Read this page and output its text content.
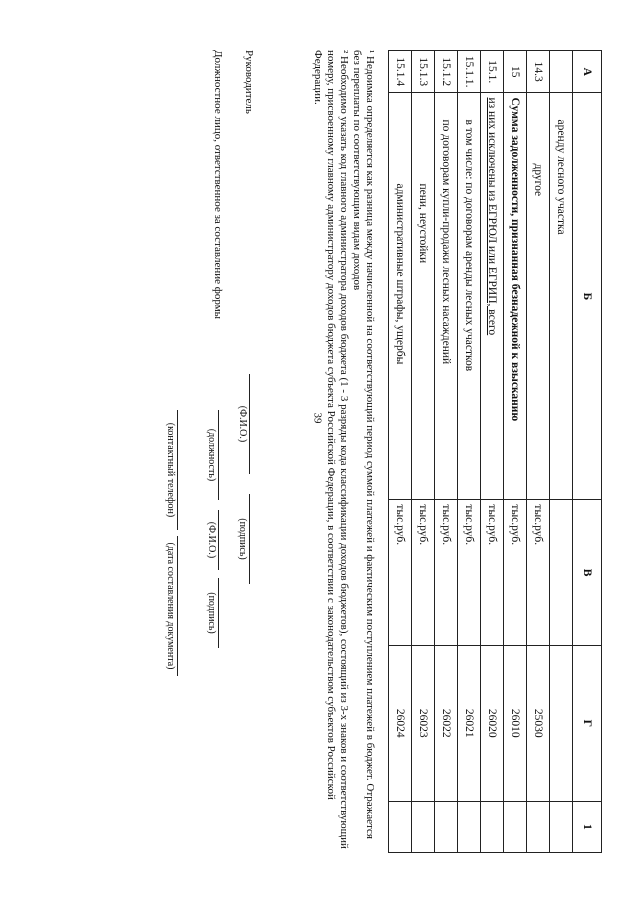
39
А	Б	В	Г	1
	аренду лесного участка			
14.3	другое	тыс.руб.	25030	
15	Сумма задолженности, признанная безнадежной к взысканию	тыс.руб.	26010	
15.1.	из них исключены из ЕГРЮЛ или ЕГРИП, всего	тыс.руб.	26020	
15.1.1.	в том числе: по договорам аренды лесных участков	тыс.руб.	26021	
15.1.2	по договорам купли-продажи лесных насаждений	тыс.руб.	26022	
15.1.3	пени, неустойки	тыс.руб.	26023	
15.1.4	административные штрафы, ущербы	тыс.руб.	26024	

¹ Недоимка определяется как разница между начисленной на соответствующий период суммой платежей и фактическим поступлением платежей в бюджет. Отражается без переплаты по соответствующим видам доходов

² Необходимо указать код главного администратора доходов бюджета (1 - 3 разряды кода классификации доходов бюджетов), состоящий из 3-х знаков и соответствующий номеру, присвоенному главному администратору доходов бюджета субъекта Российской Федерации, в соответствии с законодательством субъектов Российской Федерации.

Руководитель
(Ф.И.О.)
(подпись)
Должностное лицо, ответственное за составление формы
(должность)
(Ф.И.О.)
(подпись)
(контактный телефон)
(дата составления документа)
